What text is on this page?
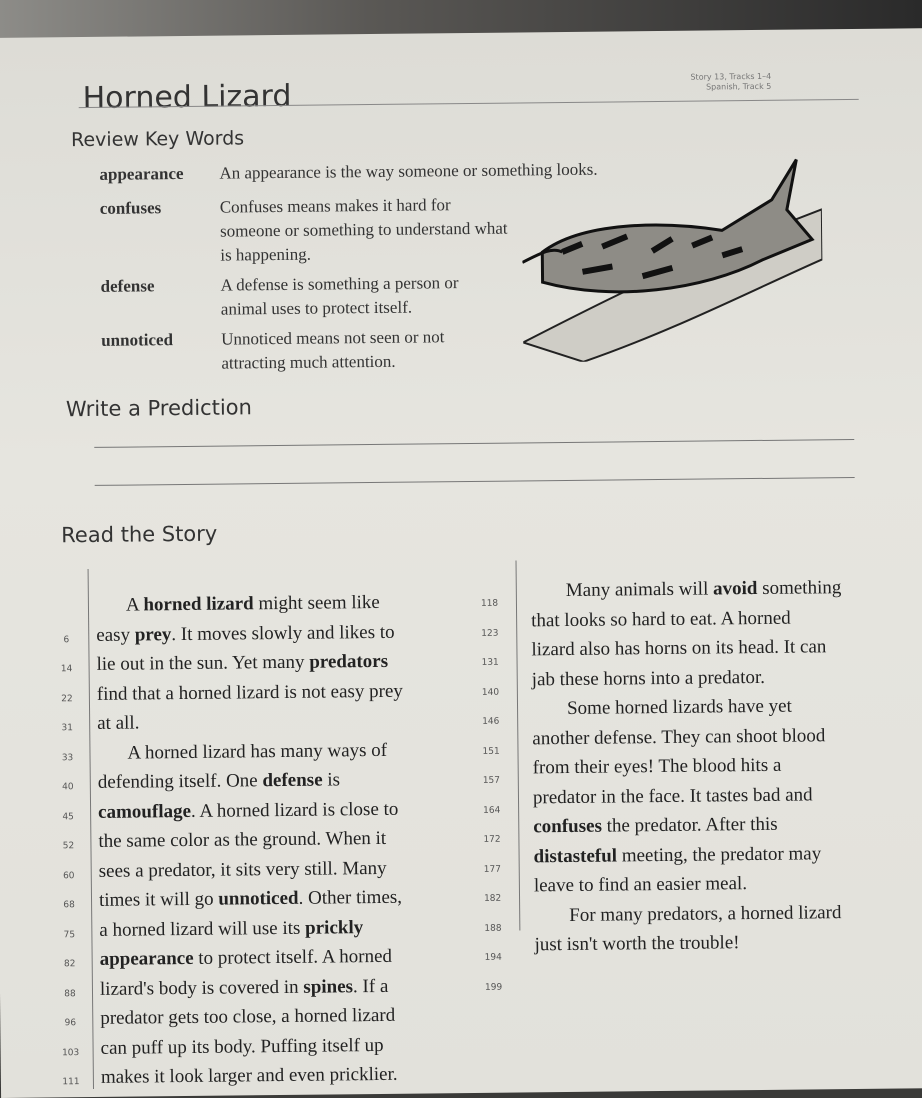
Horned Lizard
Story 13, Tracks 1–4
Spanish, Track 5
Review Key Words
appearance	An appearance is the way someone or something looks.
confuses	Confuses means makes it hard for someone or something to understand what is happening.
defense	A defense is something a person or animal uses to protect itself.
unnoticed	Unnoticed means not seen or not attracting much attention.
Write a Prediction
Read the Story
A horned lizard might seem like
6	easy prey. It moves slowly and likes to
14	lie out in the sun. Yet many predators
22	find that a horned lizard is not easy prey
31	at all.
33	A horned lizard has many ways of
40	defending itself. One defense is
45	camouflage. A horned lizard is close to
52	the same color as the ground. When it
60	sees a predator, it sits very still. Many
68	times it will go unnoticed. Other times,
75	a horned lizard will use its prickly
82	appearance to protect itself. A horned
88	lizard's body is covered in spines. If a
96	predator gets too close, a horned lizard
103	can puff up its body. Puffing itself up
111	makes it look larger and even pricklier.
118
123
131
140
146
151
157
164
172
177
182
188
194
199
Many animals will avoid something
that looks so hard to eat. A horned
lizard also has horns on its head. It can
jab these horns into a predator.
Some horned lizards have yet
another defense. They can shoot blood
from their eyes! The blood hits a
predator in the face. It tastes bad and
confuses the predator. After this
distasteful meeting, the predator may
leave to find an easier meal.
For many predators, a horned lizard
just isn't worth the trouble!
